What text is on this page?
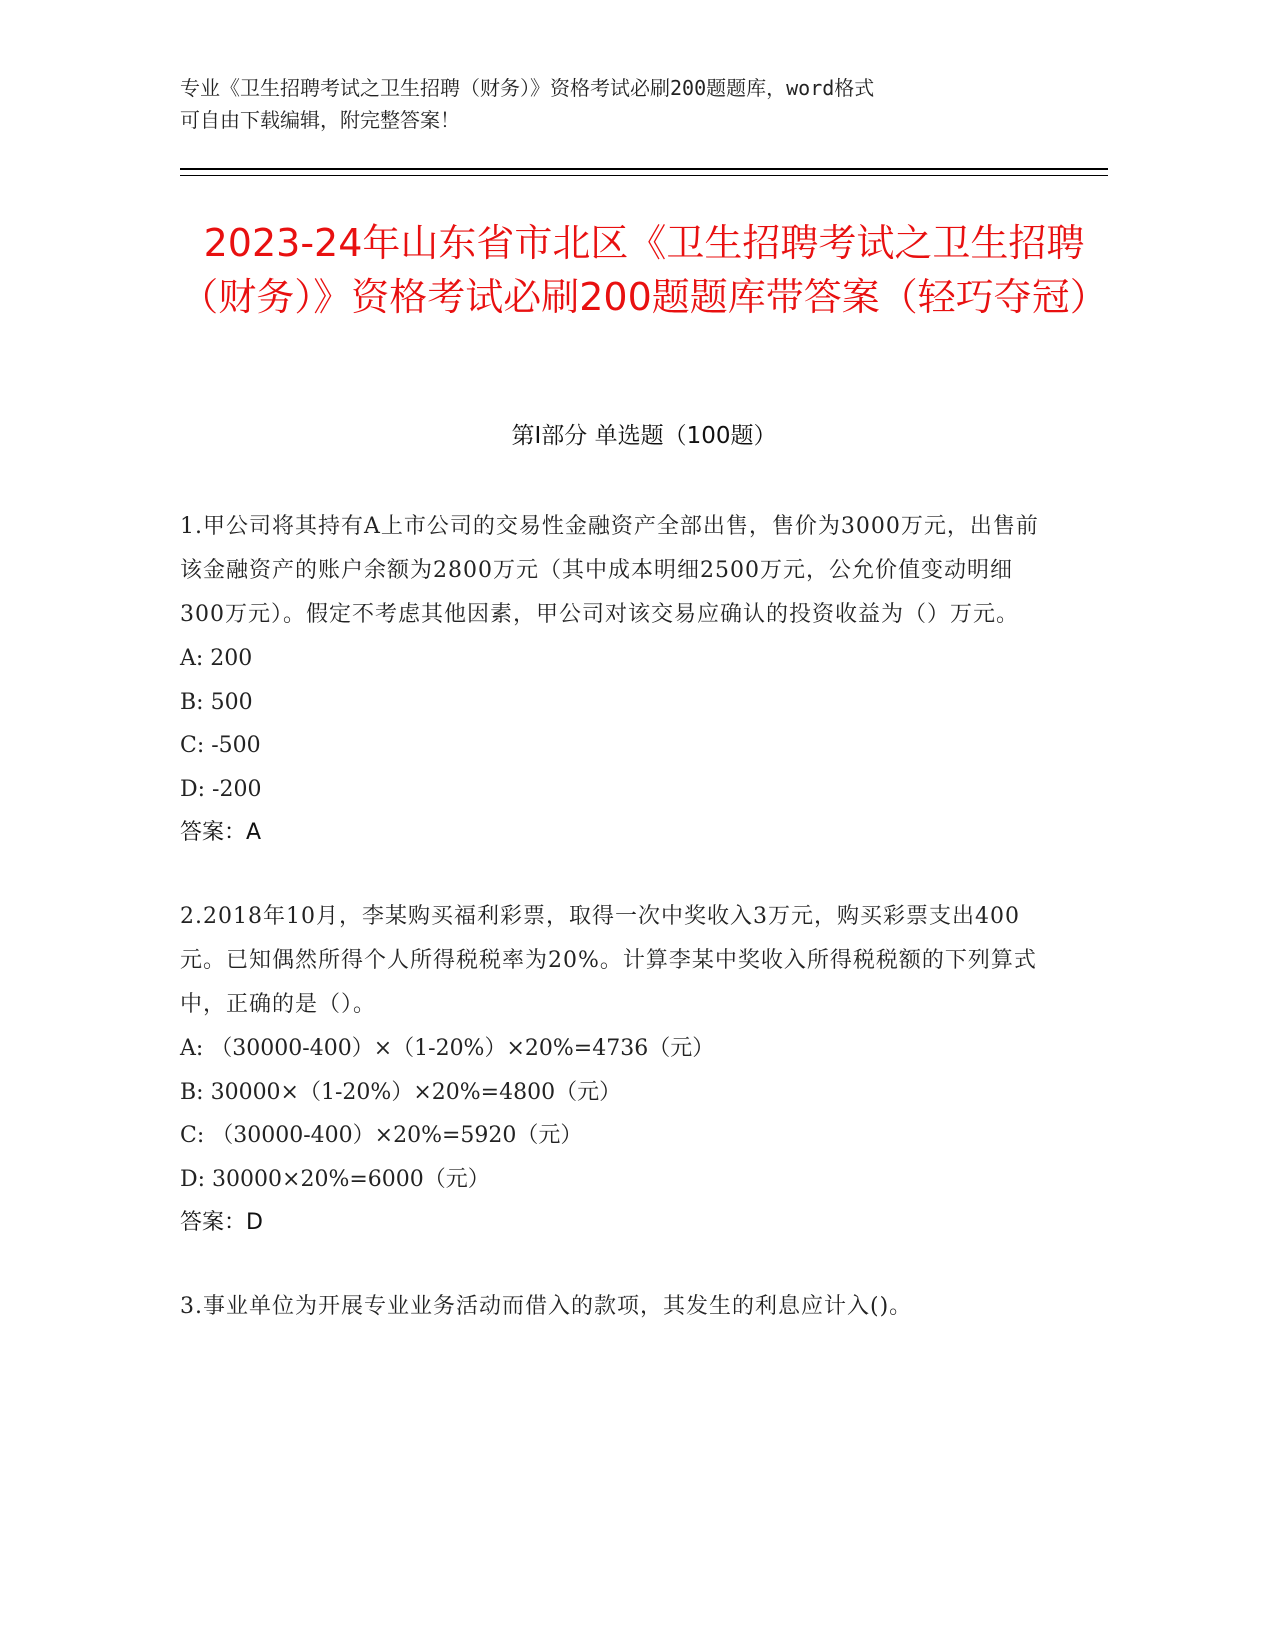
专业《卫生招聘考试之卫生招聘（财务）》资格考试必刷200题题库，word格式
可自由下载编辑，附完整答案！
2023-24年山东省市北区《卫生招聘考试之卫生招聘（财务）》资格考试必刷200题题库带答案（轻巧夺冠）
第Ⅰ部分 单选题（100题）
1.甲公司将其持有A上市公司的交易性金融资产全部出售，售价为3000万元，出售前该金融资产的账户余额为2800万元（其中成本明细2500万元，公允价值变动明细300万元）。假定不考虑其他因素，甲公司对该交易应确认的投资收益为（）万元。
A: 200
B: 500
C: -500
D: -200
答案：A
2.2018年10月，李某购买福利彩票，取得一次中奖收入3万元，购买彩票支出400元。已知偶然所得个人所得税税率为20%。计算李某中奖收入所得税税额的下列算式中，正确的是（）。
A: （30000-400）×（1-20%）×20%=4736（元）
B: 30000×（1-20%）×20%=4800（元）
C: （30000-400）×20%=5920（元）
D: 30000×20%=6000（元）
答案：D
3.事业单位为开展专业业务活动而借入的款项，其发生的利息应计入()。
